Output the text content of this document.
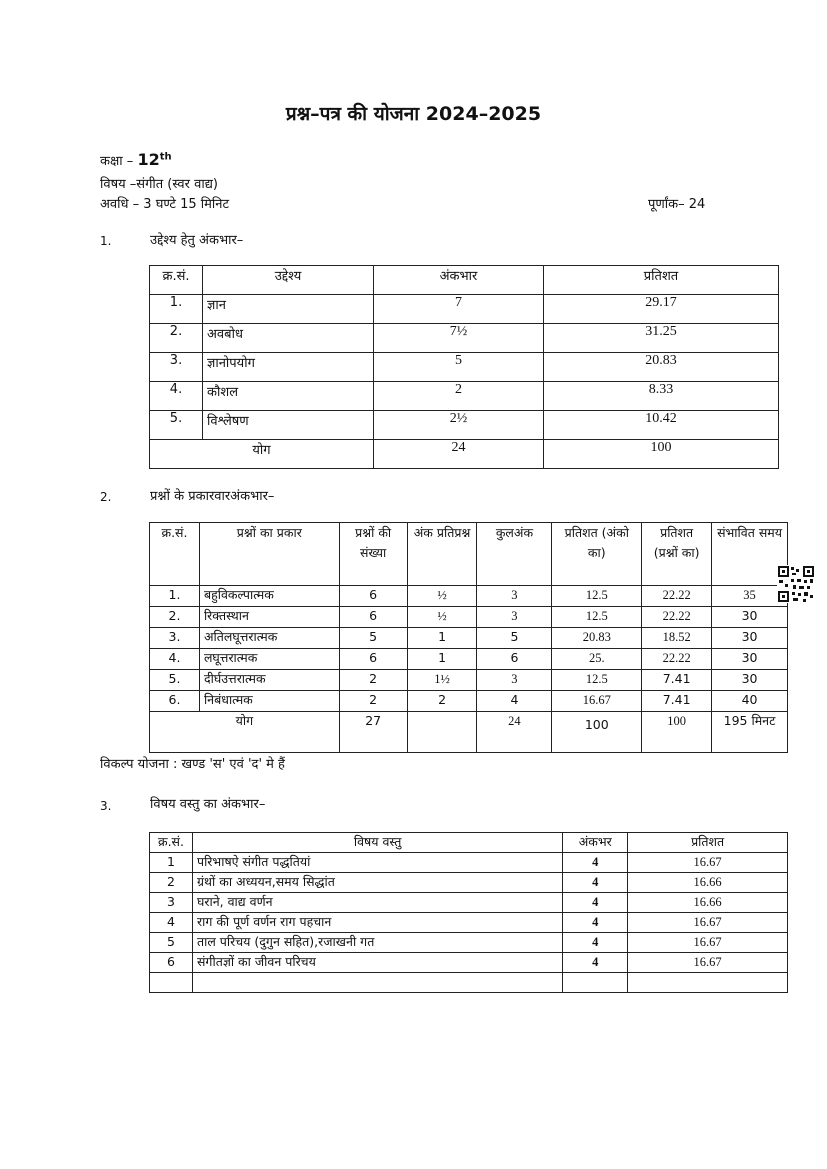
प्रश्न–पत्र की योजना 2024–2025
कक्षा – 12th
विषय –संगीत (स्वर वाद्य)
अवधि – 3 घण्टे 15 मिनिट	पूर्णांक– 24
1.	उद्देश्य हेतु अंकभार–
क्र.सं.	उद्देश्य	अंकभार	प्रतिशत
1.	ज्ञान	7	29.17
2.	अवबोध	7½	31.25
3.	ज्ञानोपयोग	5	20.83
4.	कौशल	2	8.33
5.	विश्लेषण	2½	10.42
योग		24	100
2.	प्रश्नों के प्रकारवारअंकभार–
क्र.सं.	प्रश्नों का प्रकार	प्रश्नों की संख्या	अंक प्रतिप्रश्न	कुलअंक	प्रतिशत (अंको का)	प्रतिशत (प्रश्नों का)	संभावित समय
1.	बहुविकल्पात्मक	6	½	3	12.5	22.22	35
2.	रिक्तस्थान	6	½	3	12.5	22.22	30
3.	अतिलघूत्तरात्मक	5	1	5	20.83	18.52	30
4.	लघूत्तरात्मक	6	1	6	25.	22.22	30
5.	दीर्घउत्तरात्मक	2	1½	3	12.5	7.41	30
6.	निबंधात्मक	2	2	4	16.67	7.41	40
योग		27		24	100	100	195 मिनट
विकल्प योजना : खण्ड 'स' एवं 'द' मे हैं
3.	विषय वस्तु का अंकभार–
क्र.सं.	विषय वस्तु	अंकभर	प्रतिशत
1	परिभाषऐ संगीत पद्धतियां	4	16.67
2	ग्रंथों का अध्ययन,समय सिद्धांत	4	16.66
3	घराने, वाद्य वर्णन	4	16.66
4	राग की पूर्ण वर्णन राग पहचान	4	16.67
5	ताल परिचय (दुगुन सहित),रजाखनी गत	4	16.67
6	संगीतज्ञों का जीवन परिचय	4	16.67
